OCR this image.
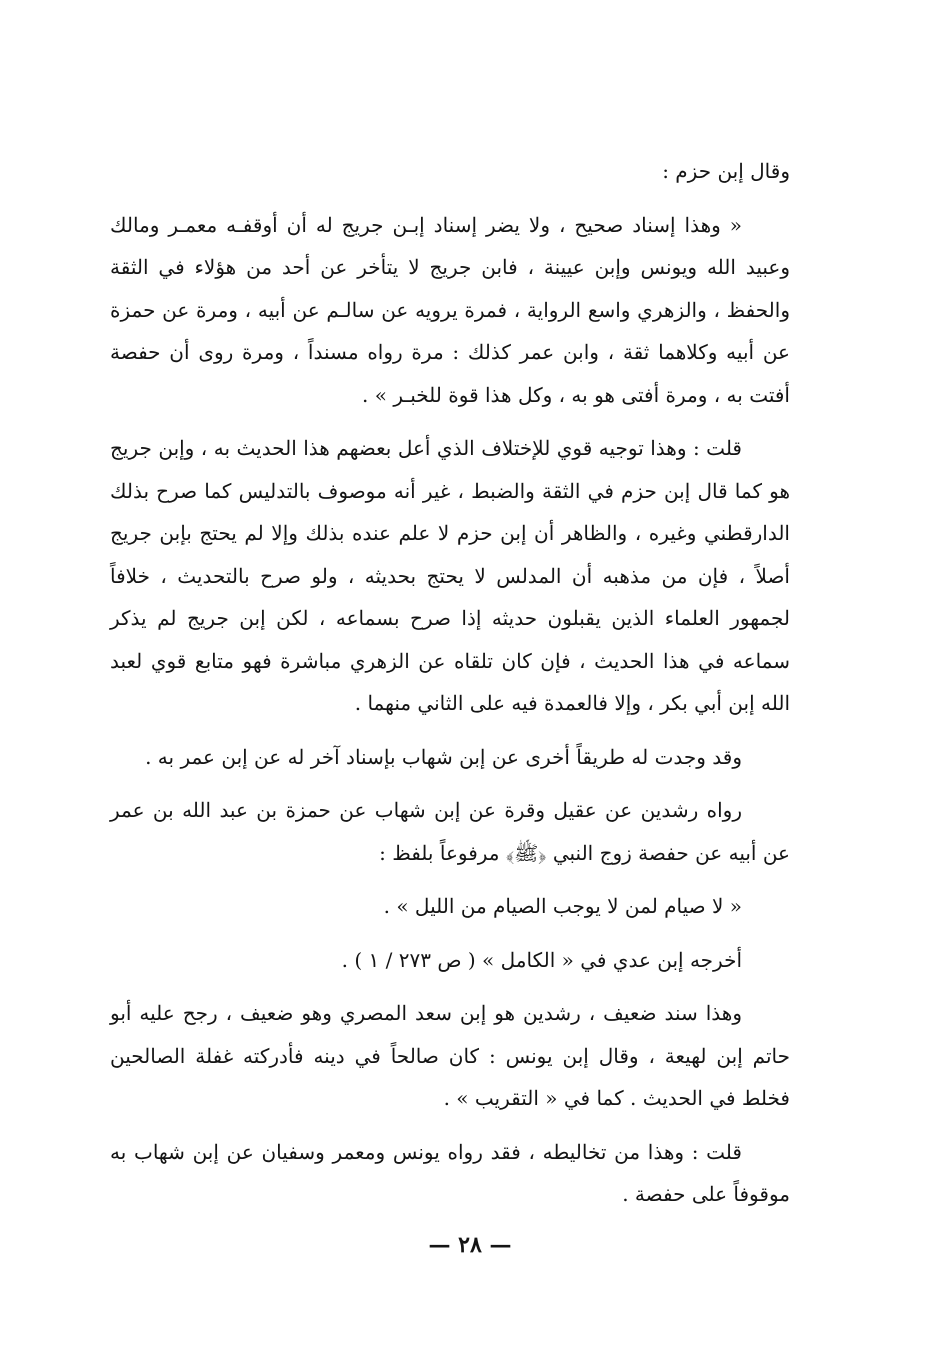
وقال إبن حزم :

« وهذا إسناد صحيح ، ولا يضر إسناد إبـن جريج له أن أوقفـه معمـر ومالك وعبيد الله ويونس وإبن عيينة ، فابن جريج لا يتأخر عن أحد من هؤلاء في الثقة والحفظ ، والزهري واسع الرواية ، فمرة يرويه عن سالـم عن أبيه ، ومرة عن حمزة عن أبيه وكلاهما ثقة ، وابن عمر كذلك : مرة رواه مسنداً ، ومرة روى أن حفصة أفتت به ، ومرة أفتى هو به ، وكل هذا قوة للخبـر » .

قلت : وهذا توجيه قوي للإختلاف الذي أعل بعضهم هذا الحديث به ، وإبن جريج هو كما قال إبن حزم في الثقة والضبط ، غير أنه موصوف بالتدليس كما صرح بذلك الدارقطني وغيره ، والظاهر أن إبن حزم لا علم عنده بذلك وإلا لم يحتج بإبن جريج أصلاً ، فإن من مذهبه أن المدلس لا يحتج بحديثه ، ولو صرح بالتحديث ، خلافاً لجمهور العلماء الذين يقبلون حديثه إذا صرح بسماعه ، لكن إبن جريج لم يذكر سماعه في هذا الحديث ، فإن كان تلقاه عن الزهري مباشرة فهو متابع قوي لعبد الله إبن أبي بكر ، وإلا فالعمدة فيه على الثاني منهما .

وقد وجدت له طريقاً أخرى عن إبن شهاب بإسناد آخر له عن إبن عمر به .

رواه رشدين عن عقيل وقرة عن إبن شهاب عن حمزة بن عبد الله بن عمر عن أبيه عن حفصة زوج النبي ﴿ﷺ﴾ مرفوعاً بلفظ :

« لا صيام لمن لا يوجب الصيام من الليل » .

أخرجه إبن عدي في « الكامل » ( ص ٢٧٣ / ١ ) .

وهذا سند ضعيف ، رشدين هو إبن سعد المصري وهو ضعيف ، رجح عليه أبو حاتم إبن لهيعة ، وقال إبن يونس : كان صالحاً في دينه فأدركته غفلة الصالحين فخلط في الحديث . كما في « التقريب » .

قلت : وهذا من تخاليطه ، فقد رواه يونس ومعمر وسفيان عن إبن شهاب به موقوفاً على حفصة .

— ٢٨ —
